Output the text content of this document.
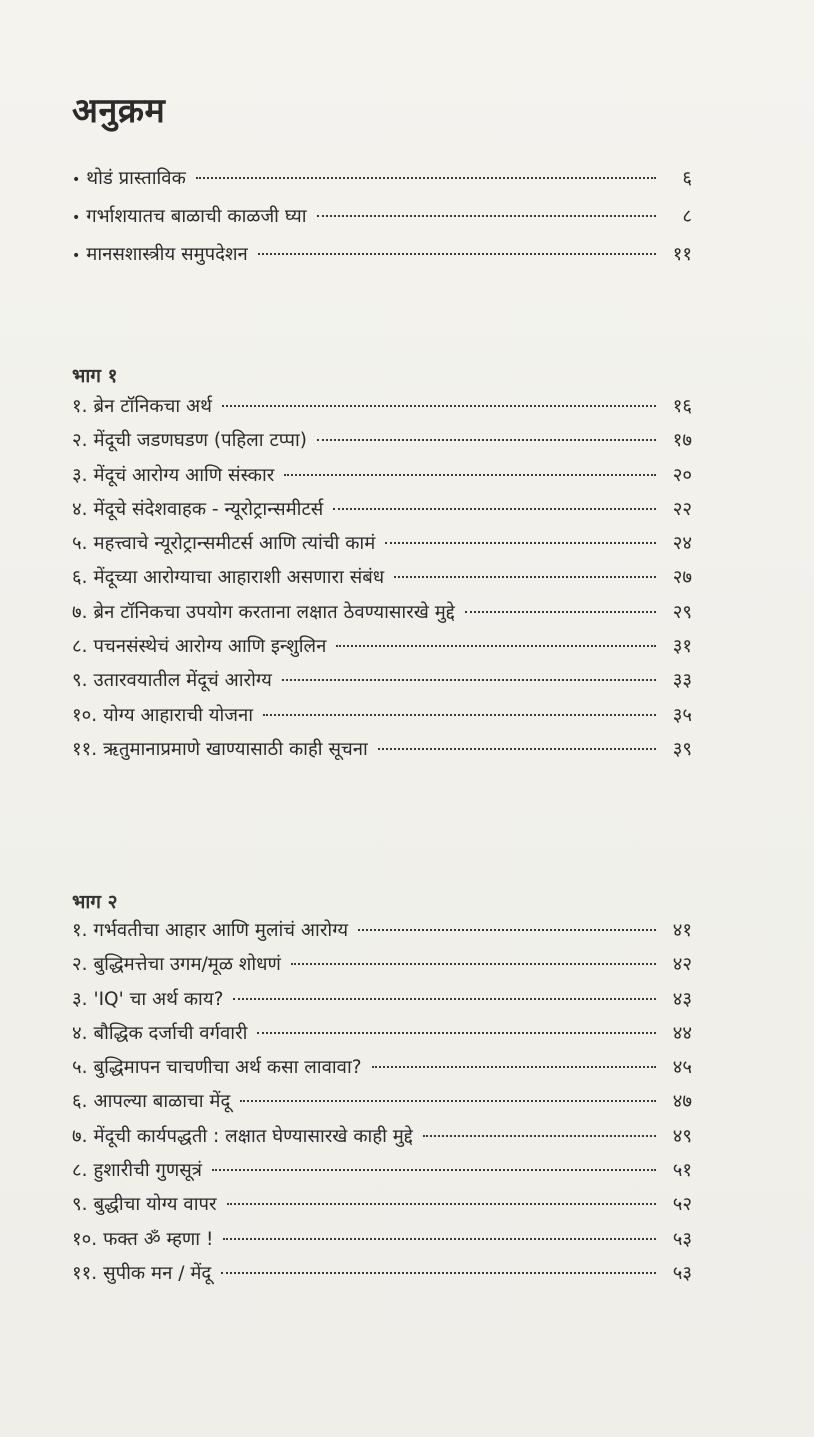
अनुक्रम
• थोडं प्रास्ताविक	६
• गर्भाशयातच बाळाची काळजी घ्या	८
• मानसशास्त्रीय समुपदेशन	११
भाग १
१. ब्रेन टॉनिकचा अर्थ	१६
२. मेंदूची जडणघडण (पहिला टप्पा)	१७
३. मेंदूचं आरोग्य आणि संस्कार	२०
४. मेंदूचे संदेशवाहक - न्यूरोट्रान्समीटर्स	२२
५. महत्त्वाचे न्यूरोट्रान्समीटर्स आणि त्यांची कामं	२४
६. मेंदूच्या आरोग्याचा आहाराशी असणारा संबंध	२७
७. ब्रेन टॉनिकचा उपयोग करताना लक्षात ठेवण्यासारखे मुद्दे	२९
८. पचनसंस्थेचं आरोग्य आणि इन्शुलिन	३१
९. उतारवयातील मेंदूचं आरोग्य	३३
१०. योग्य आहाराची योजना	३५
११. ऋतुमानाप्रमाणे खाण्यासाठी काही सूचना	३९
भाग २
१. गर्भवतीचा आहार आणि मुलांचं आरोग्य	४१
२. बुद्धिमत्तेचा उगम/मूळ शोधणं	४२
३. 'IQ' चा अर्थ काय?	४३
४. बौद्धिक दर्जाची वर्गवारी	४४
५. बुद्धिमापन चाचणीचा अर्थ कसा लावावा?	४५
६. आपल्या बाळाचा मेंदू	४७
७. मेंदूची कार्यपद्धती : लक्षात घेण्यासारखे काही मुद्दे	४९
८. हुशारीची गुणसूत्रं	५१
९. बुद्धीचा योग्य वापर	५२
१०. फक्त ॐ म्हणा !	५३
११. सुपीक मन / मेंदू	५३
